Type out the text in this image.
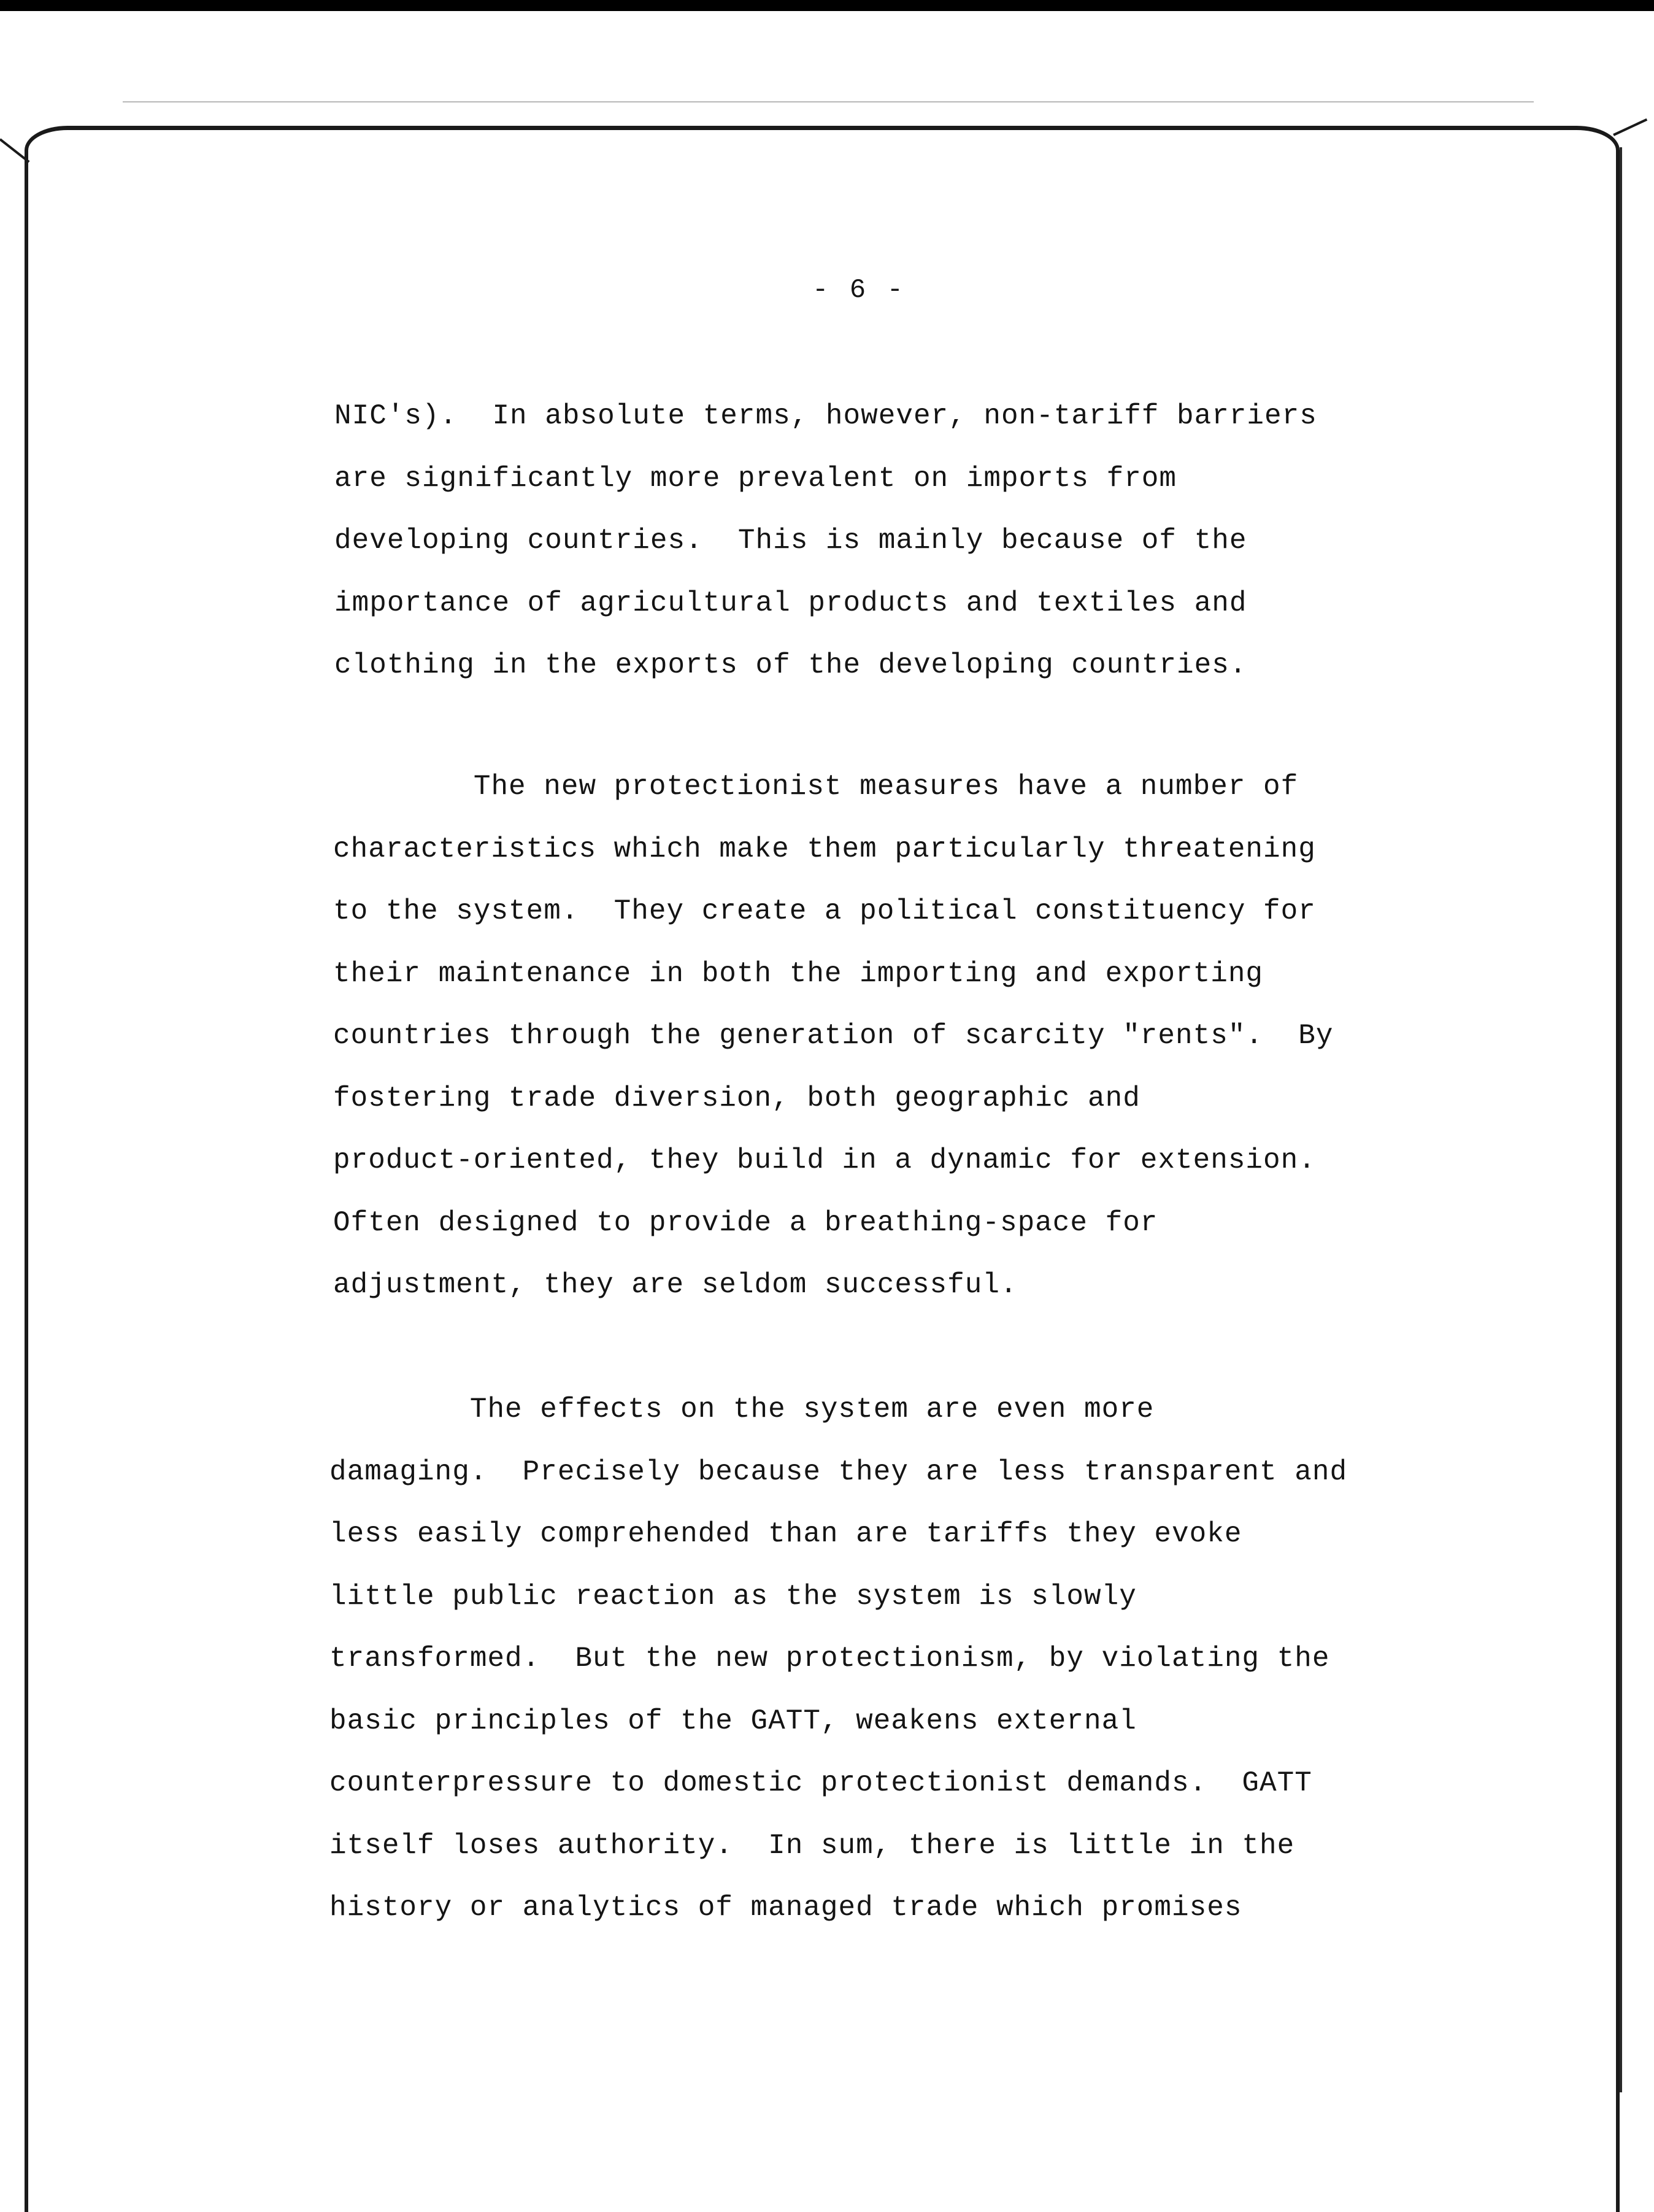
- 6 -
NIC's).  In absolute terms, however, non-tariff barriers
are significantly more prevalent on imports from
developing countries.  This is mainly because of the
importance of agricultural products and textiles and
clothing in the exports of the developing countries.
The new protectionist measures have a number of
characteristics which make them particularly threatening
to the system.  They create a political constituency for
their maintenance in both the importing and exporting
countries through the generation of scarcity "rents".  By
fostering trade diversion, both geographic and
product-oriented, they build in a dynamic for extension.
Often designed to provide a breathing-space for
adjustment, they are seldom successful.
The effects on the system are even more
damaging.  Precisely because they are less transparent and
less easily comprehended than are tariffs they evoke
little public reaction as the system is slowly
transformed.  But the new protectionism, by violating the
basic principles of the GATT, weakens external
counterpressure to domestic protectionist demands.  GATT
itself loses authority.  In sum, there is little in the
history or analytics of managed trade which promises
